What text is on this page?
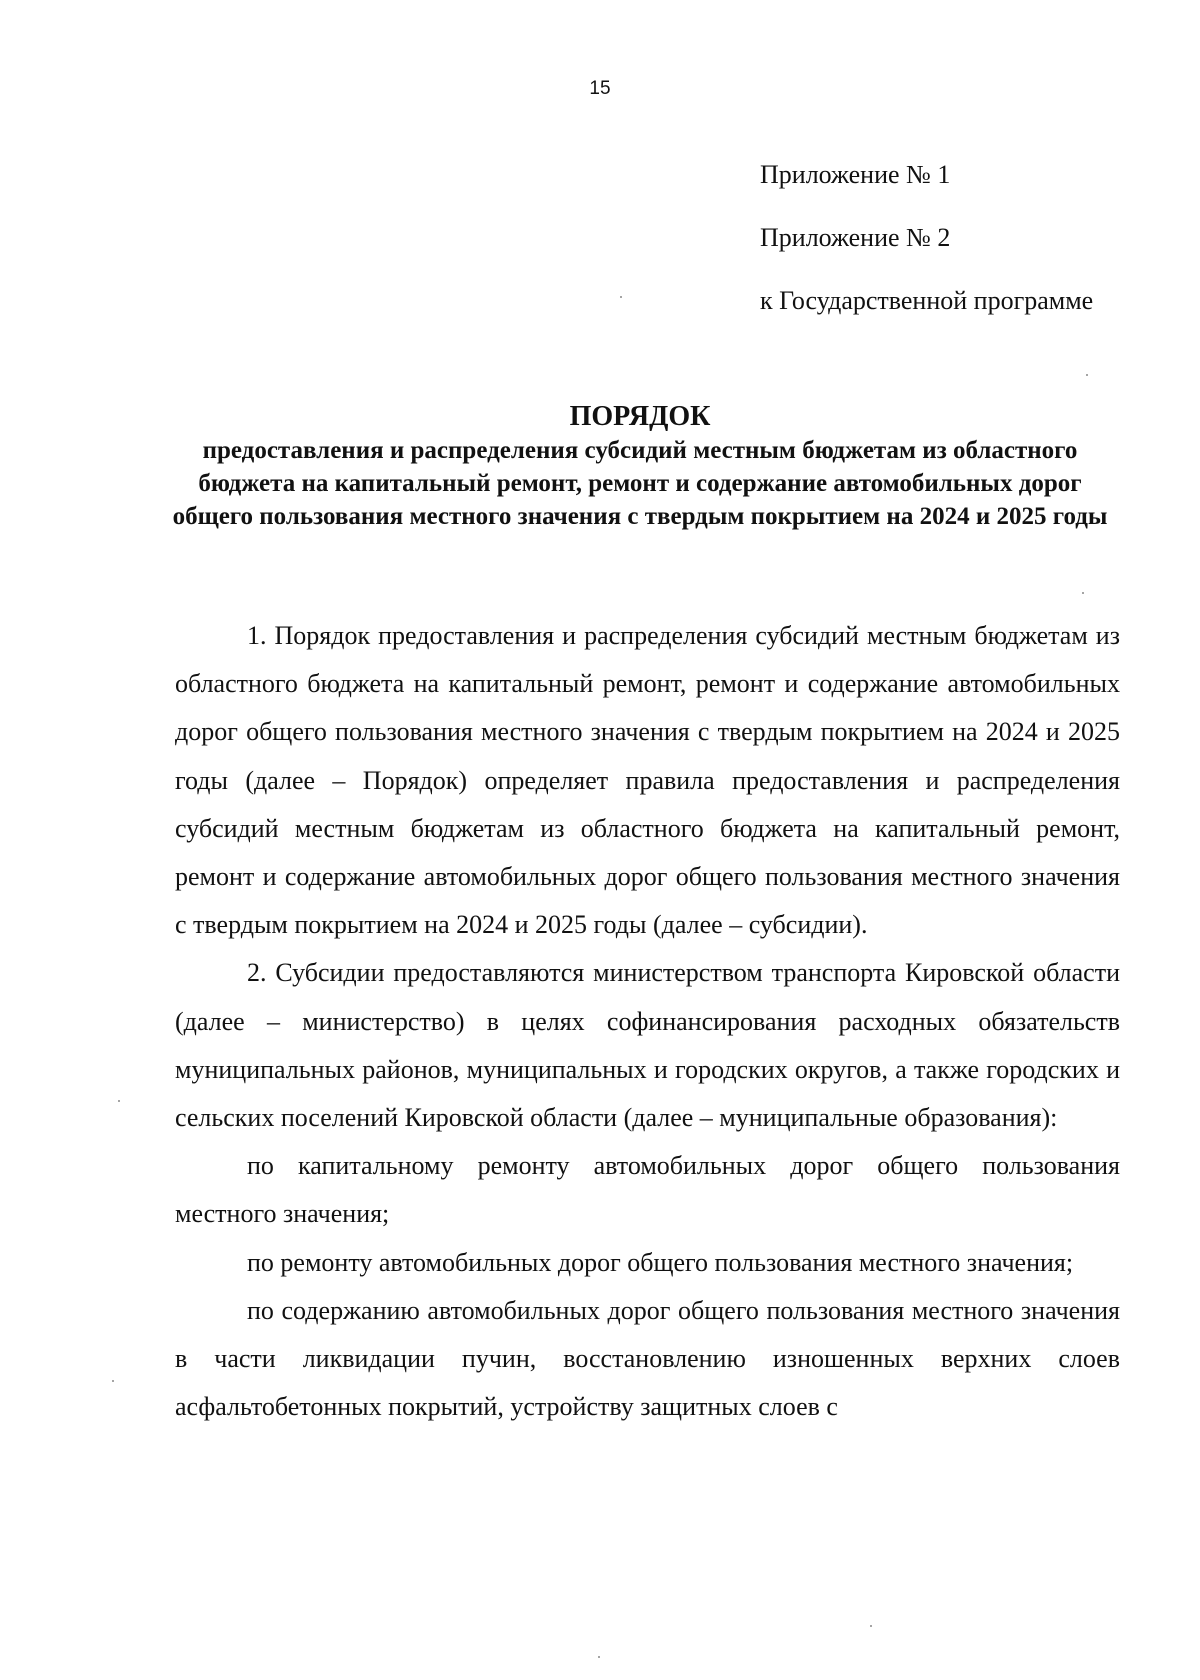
15
Приложение № 1
Приложение № 2
к Государственной программе
ПОРЯДОК

предоставления и распределения субсидий местным бюджетам из областного бюджета на капитальный ремонт, ремонт и содержание автомобильных дорог общего пользования местного значения с твердым покрытием на 2024 и 2025 годы

1. Порядок предоставления и распределения субсидий местным бюджетам из областного бюджета на капитальный ремонт, ремонт и содержание автомобильных дорог общего пользования местного значения с твердым покрытием на 2024 и 2025 годы (далее – Порядок) определяет правила предоставления и распределения субсидий местным бюджетам из областного бюджета на капитальный ремонт, ремонт и содержание автомобильных дорог общего пользования местного значения с твердым покрытием на 2024 и 2025 годы (далее – субсидии).

2. Субсидии предоставляются министерством транспорта Кировской области (далее – министерство) в целях софинансирования расходных обязательств муниципальных районов, муниципальных и городских округов, а также городских и сельских поселений Кировской области (далее – муниципальные образования):

по капитальному ремонту автомобильных дорог общего пользования местного значения;

по ремонту автомобильных дорог общего пользования местного значения;

по содержанию автомобильных дорог общего пользования местного значения в части ликвидации пучин, восстановлению изношенных верхних слоев асфальтобетонных покрытий, устройству защитных слоев с
